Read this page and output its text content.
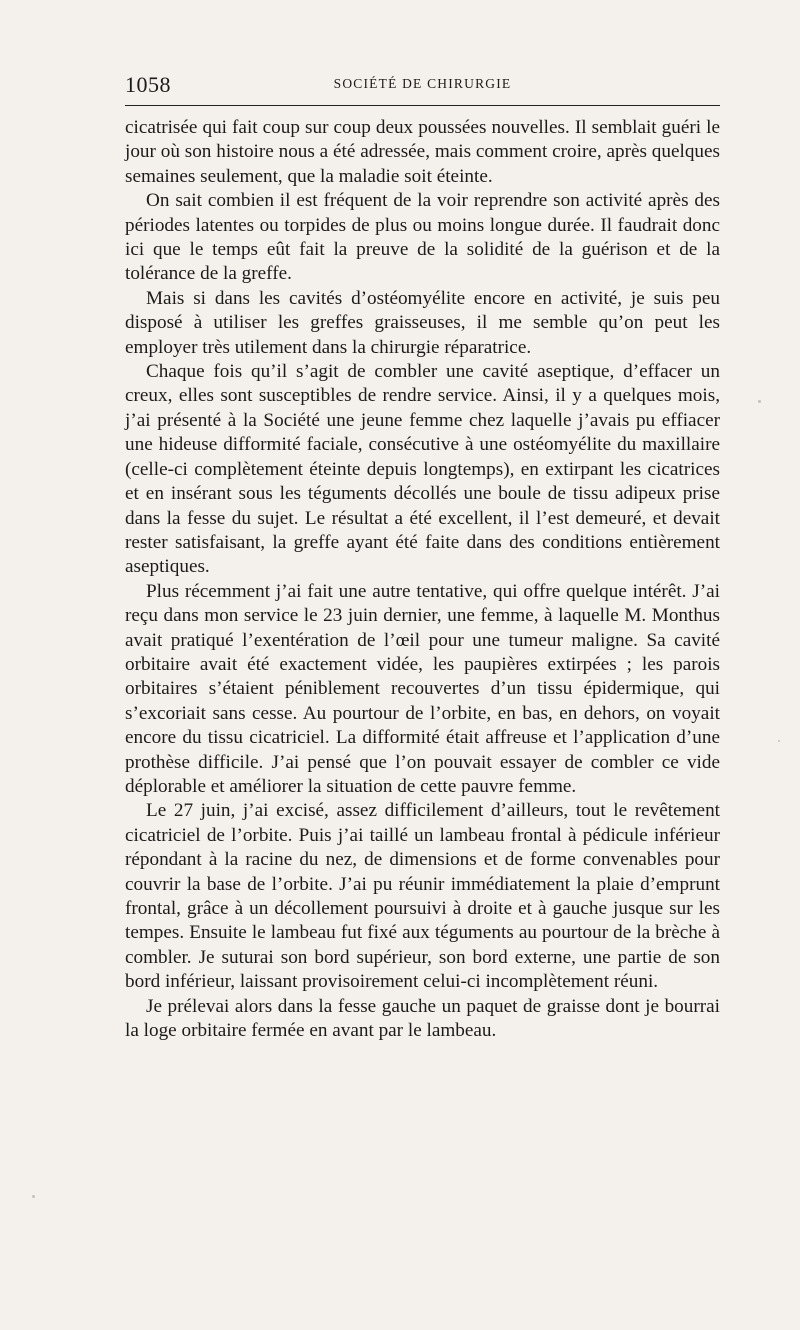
1058	SOCIÉTÉ DE CHIRURGIE

cicatrisée qui fait coup sur coup deux poussées nouvelles. Il semblait guéri le jour où son histoire nous a été adressée, mais comment croire, après quelques semaines seulement, que la maladie soit éteinte.

On sait combien il est fréquent de la voir reprendre son activité après des périodes latentes ou torpides de plus ou moins longue durée. Il faudrait donc ici que le temps eût fait la preuve de la solidité de la guérison et de la tolérance de la greffe.

Mais si dans les cavités d’ostéomyélite encore en activité, je suis peu disposé à utiliser les greffes graisseuses, il me semble qu’on peut les employer très utilement dans la chirurgie réparatrice.

Chaque fois qu’il s’agit de combler une cavité aseptique, d’effacer un creux, elles sont susceptibles de rendre service. Ainsi, il y a quelques mois, j’ai présenté à la Société une jeune femme chez laquelle j’avais pu effiacer une hideuse difformité faciale, consécutive à une ostéomyélite du maxillaire (celle-ci complètement éteinte depuis longtemps), en extirpant les cicatrices et en insérant sous les téguments décollés une boule de tissu adipeux prise dans la fesse du sujet. Le résultat a été excellent, il l’est demeuré, et devait rester satisfaisant, la greffe ayant été faite dans des conditions entièrement aseptiques.

Plus récemment j’ai fait une autre tentative, qui offre quelque intérêt. J’ai reçu dans mon service le 23 juin dernier, une femme, à laquelle M. Monthus avait pratiqué l’exentération de l’œil pour une tumeur maligne. Sa cavité orbitaire avait été exactement vidée, les paupières extirpées ; les parois orbitaires s’étaient péniblement recouvertes d’un tissu épidermique, qui s’excoriait sans cesse. Au pourtour de l’orbite, en bas, en dehors, on voyait encore du tissu cicatriciel. La difformité était affreuse et l’application d’une prothèse difficile. J’ai pensé que l’on pouvait essayer de combler ce vide déplorable et améliorer la situation de cette pauvre femme.

Le 27 juin, j’ai excisé, assez difficilement d’ailleurs, tout le revêtement cicatriciel de l’orbite. Puis j’ai taillé un lambeau frontal à pédicule inférieur répondant à la racine du nez, de dimensions et de forme convenables pour couvrir la base de l’orbite. J’ai pu réunir immédiatement la plaie d’emprunt frontal, grâce à un décollement poursuivi à droite et à gauche jusque sur les tempes. Ensuite le lambeau fut fixé aux téguments au pourtour de la brèche à combler. Je suturai son bord supérieur, son bord externe, une partie de son bord inférieur, laissant provisoirement celui-ci incomplètement réuni.

Je prélevai alors dans la fesse gauche un paquet de graisse dont je bourrai la loge orbitaire fermée en avant par le lambeau.
